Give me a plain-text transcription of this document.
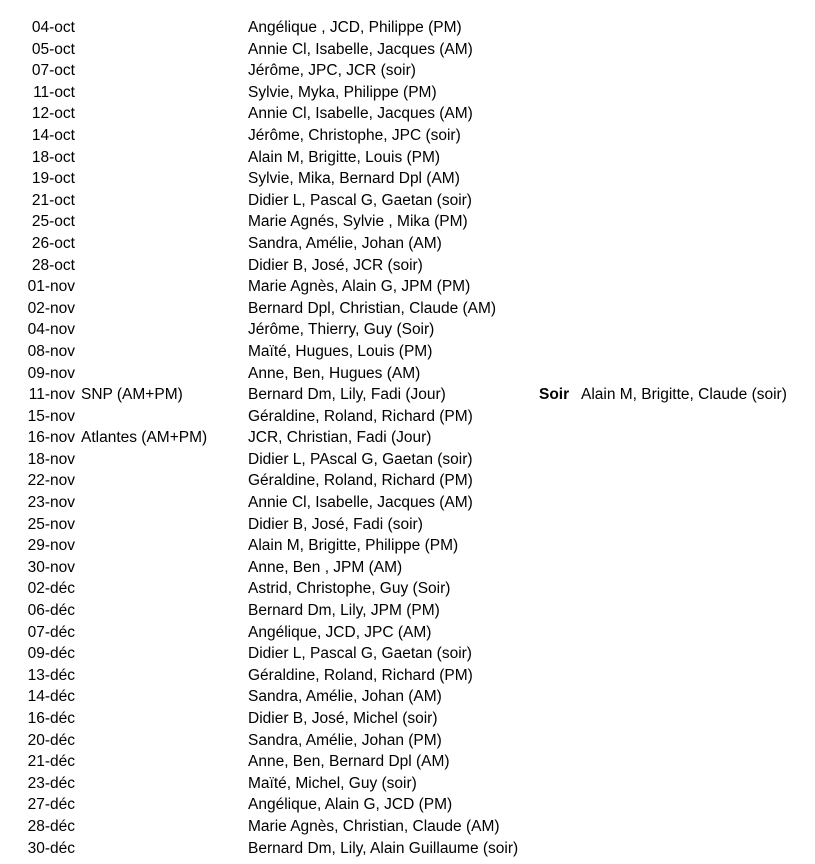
04-oct	Angélique , JCD, Philippe (PM)
05-oct	Annie Cl, Isabelle, Jacques (AM)
07-oct	Jérôme, JPC, JCR (soir)
11-oct	Sylvie, Myka, Philippe (PM)
12-oct	Annie Cl, Isabelle, Jacques (AM)
14-oct	Jérôme, Christophe, JPC (soir)
18-oct	Alain M, Brigitte, Louis (PM)
19-oct	Sylvie, Mika, Bernard Dpl (AM)
21-oct	Didier L, Pascal G, Gaetan (soir)
25-oct	Marie Agnés, Sylvie , Mika (PM)
26-oct	Sandra, Amélie, Johan (AM)
28-oct	Didier B, José, JCR (soir)
01-nov	Marie Agnès, Alain G, JPM (PM)
02-nov	Bernard Dpl, Christian, Claude (AM)
04-nov	Jérôme, Thierry, Guy (Soir)
08-nov	Maïté, Hugues, Louis (PM)
09-nov	Anne, Ben, Hugues (AM)
11-nov SNP (AM+PM)	Bernard Dm, Lily, Fadi (Jour)	Soir Alain M, Brigitte, Claude (soir)
15-nov	Géraldine, Roland, Richard (PM)
16-nov Atlantes (AM+PM)	JCR, Christian, Fadi (Jour)
18-nov	Didier L, PAscal G, Gaetan (soir)
22-nov	Géraldine, Roland, Richard (PM)
23-nov	Annie Cl, Isabelle, Jacques (AM)
25-nov	Didier B, José, Fadi (soir)
29-nov	Alain M, Brigitte, Philippe (PM)
30-nov	Anne, Ben , JPM (AM)
02-déc	Astrid, Christophe, Guy (Soir)
06-déc	Bernard Dm, Lily, JPM (PM)
07-déc	Angélique, JCD, JPC (AM)
09-déc	Didier L, Pascal G, Gaetan (soir)
13-déc	Géraldine, Roland, Richard (PM)
14-déc	Sandra, Amélie, Johan (AM)
16-déc	Didier B, José, Michel (soir)
20-déc	Sandra, Amélie, Johan (PM)
21-déc	Anne, Ben, Bernard Dpl (AM)
23-déc	Maïté, Michel, Guy (soir)
27-déc	Angélique, Alain G, JCD (PM)
28-déc	Marie Agnès, Christian, Claude (AM)
30-déc	Bernard Dm, Lily, Alain Guillaume (soir)
